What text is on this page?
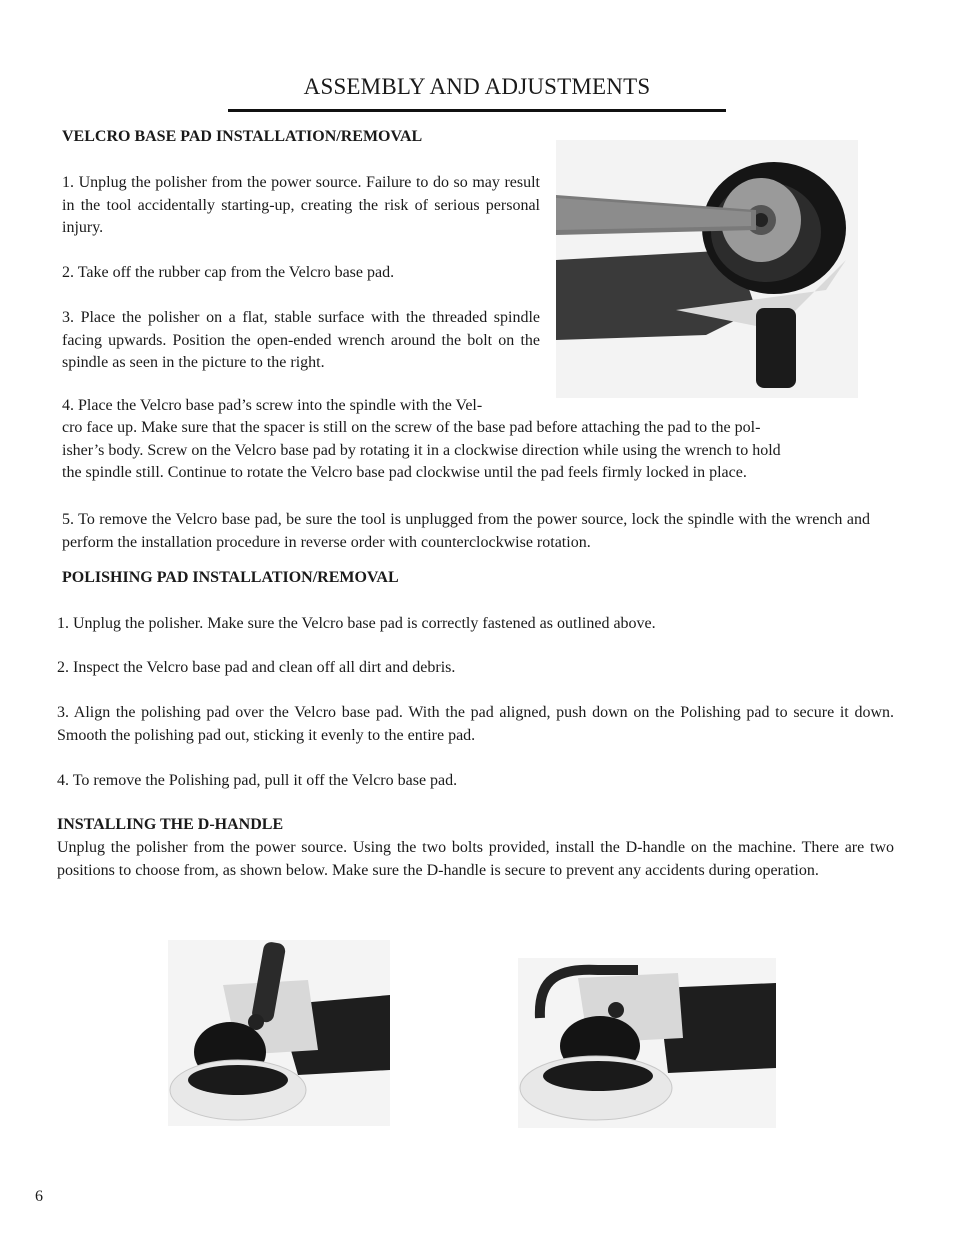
ASSEMBLY AND ADJUSTMENTS
VELCRO BASE PAD INSTALLATION/REMOVAL
1. Unplug the polisher from the power source. Failure to do so may result in the tool accidentally starting-up, creating the risk of serious personal injury.
2. Take off the rubber cap from the Velcro base pad.
3. Place the polisher on a flat, stable surface with the threaded spindle facing upwards. Position the open-ended wrench around the bolt on the spindle as seen in the picture to the right.
4. Place the Velcro base pad’s screw into the spindle with the Vel-
cro face up. Make sure that the spacer is still on the screw of the base pad before attaching the pad to the pol-
isher’s body. Screw on the Velcro base pad by rotating it in a clockwise direction while using the wrench to hold
the spindle still. Continue to rotate the Velcro base pad clockwise until the pad feels firmly locked in place.
5. To remove the Velcro base pad, be sure the tool is unplugged from the power source, lock the spindle with the wrench and perform the installation procedure in reverse order with counterclockwise rotation.
POLISHING PAD INSTALLATION/REMOVAL
1. Unplug the polisher. Make sure the Velcro base pad is correctly fastened as outlined above.
2. Inspect the Velcro base pad and clean off all dirt and debris.
3. Align the polishing pad over the Velcro base pad. With the pad aligned, push down on the Polishing pad to secure it down. Smooth the polishing pad out, sticking it evenly to the entire pad.
4. To remove the Polishing pad, pull it off the Velcro base pad.
INSTALLING THE D-HANDLE
Unplug the polisher from the power source. Using the two bolts provided, install the D-handle on the machine. There are two positions to choose from, as shown below. Make sure the D-handle is secure to prevent any accidents during operation.
6
